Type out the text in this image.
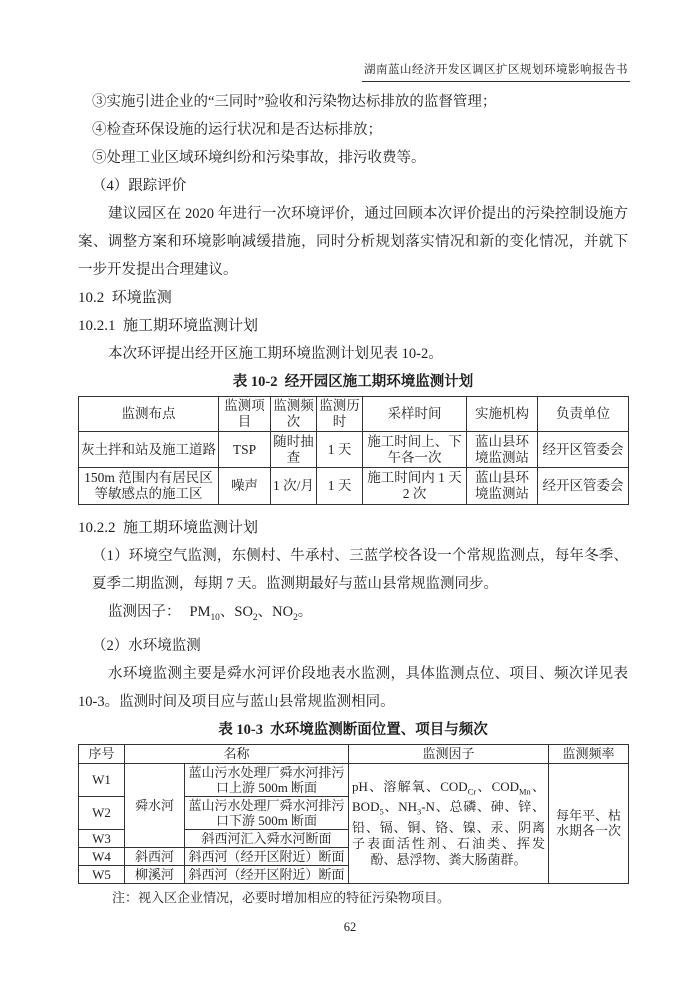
湖南蓝山经济开发区调区扩区规划环境影响报告书

③实施引进企业的“三同时”验收和污染物达标排放的监督管理；

④检查环保设施的运行状况和是否达标排放；

⑤处理工业区域环境纠纷和污染事故，排污收费等。

（4）跟踪评价

建议园区在 2020 年进行一次环境评价，通过回顾本次评价提出的污染控制设施方案、调整方案和环境影响减缓措施，同时分析规划落实情况和新的变化情况，并就下一步开发提出合理建议。

10.2  环境监测

10.2.1  施工期环境监测计划

本次环评提出经开区施工期环境监测计划见表 10-2。

表 10-2  经开园区施工期环境监测计划

监测布点	监测项目	监测频次	监测历时	采样时间	实施机构	负责单位
灰土拌和站及施工道路	TSP	随时抽查	1 天	施工时间上、下午各一次	蓝山县环境监测站	经开区管委会
150m 范围内有居民区等敏感点的施工区	噪声	1 次/月	1 天	施工时间内 1 天 2 次	蓝山县环境监测站	经开区管委会

10.2.2  施工期环境监测计划

（1）环境空气监测，东侧村、牛承村、三蓝学校各设一个常规监测点，每年冬季、夏季二期监测，每期 7 天。监测期最好与蓝山县常规监测同步。

监测因子： $PM_{10}$、$SO_2$、$NO_2$。

（2）水环境监测

水环境监测主要是舜水河评价段地表水监测，具体监测点位、项目、频次详见表 10-3。监测时间及项目应与蓝山县常规监测相同。

表 10-3  水环境监测断面位置、项目与频次

序号	名称		监测因子	监测频率
W1	舜水河	蓝山污水处理厂舜水河排污口上游 500m 断面	pH、溶解氧、$COD_{Cr}$、$COD_{Mn}$、$BOD_5$、$NH_3-N$、总磷、砷、锌、铅、镉、铜、铬、镍、汞、阴离子表面活性剂、石油类、挥发酚、悬浮物、粪大肠菌群。	每年平、枯水期各一次
W2		蓝山污水处理厂舜水河排污口下游 500m 断面		
W3		斜西河汇入舜水河断面		
W4	斜西河	斜西河（经开区附近）断面		
W5	柳溪河	斜西河（经开区附近）断面		

注：视入区企业情况，必要时增加相应的特征污染物项目。

62
